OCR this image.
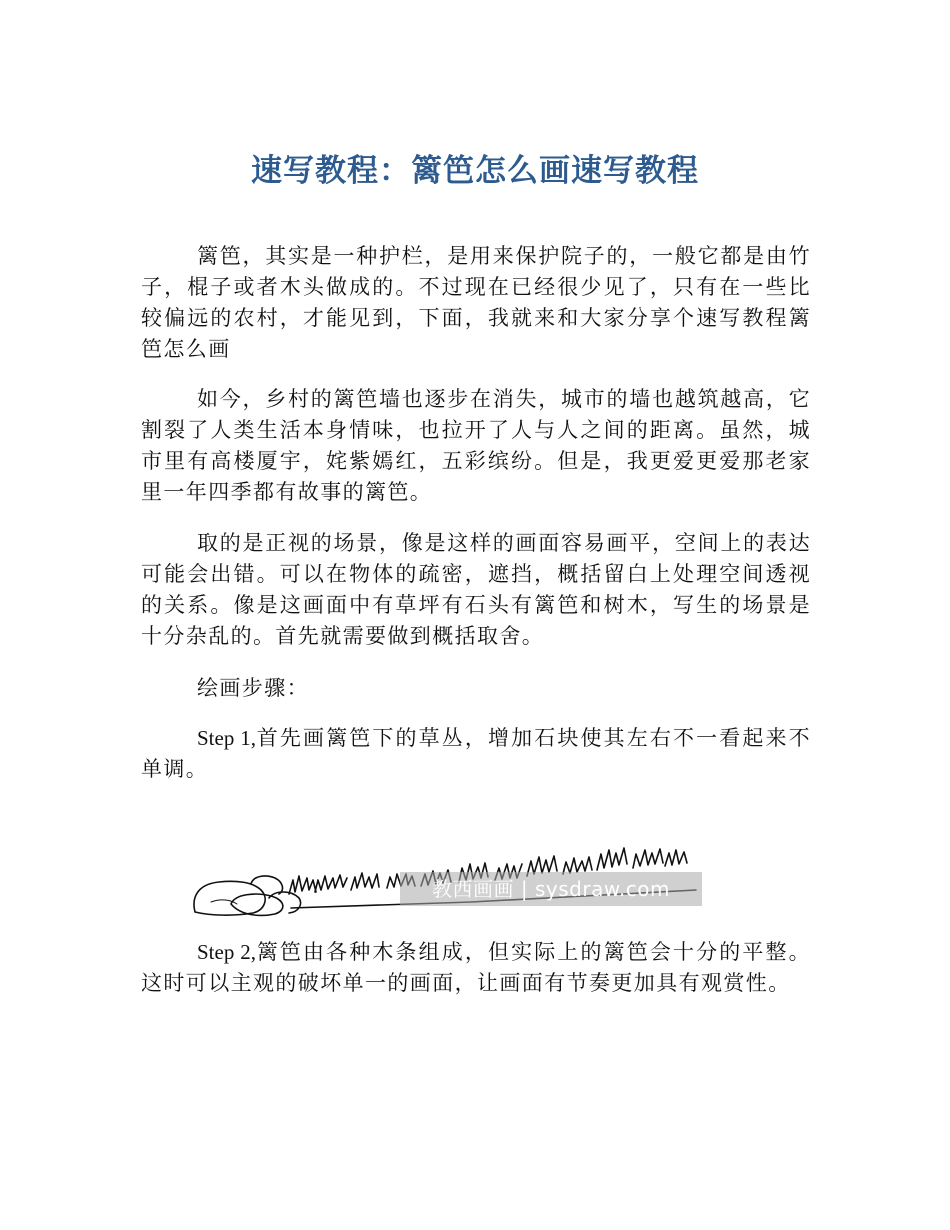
速写教程：篱笆怎么画速写教程

篱笆，其实是一种护栏，是用来保护院子的，一般它都是由竹子，棍子或者木头做成的。不过现在已经很少见了，只有在一些比较偏远的农村，才能见到，下面，我就来和大家分享个速写教程篱笆怎么画

如今，乡村的篱笆墙也逐步在消失，城市的墙也越筑越高，它割裂了人类生活本身情味，也拉开了人与人之间的距离。虽然，城市里有高楼厦宇，姹紫嫣红，五彩缤纷。但是，我更爱更爱那老家里一年四季都有故事的篱笆。

取的是正视的场景，像是这样的画面容易画平，空间上的表达可能会出错。可以在物体的疏密，遮挡，概括留白上处理空间透视的关系。像是这画面中有草坪有石头有篱笆和树木，写生的场景是十分杂乱的。首先就需要做到概括取舍。

绘画步骤：

Step 1,首先画篱笆下的草丛，增加石块使其左右不一看起来不单调。

教西画画 | sysdraw.com

Step 2,篱笆由各种木条组成，但实际上的篱笆会十分的平整。这时可以主观的破坏单一的画面，让画面有节奏更加具有观赏性。
